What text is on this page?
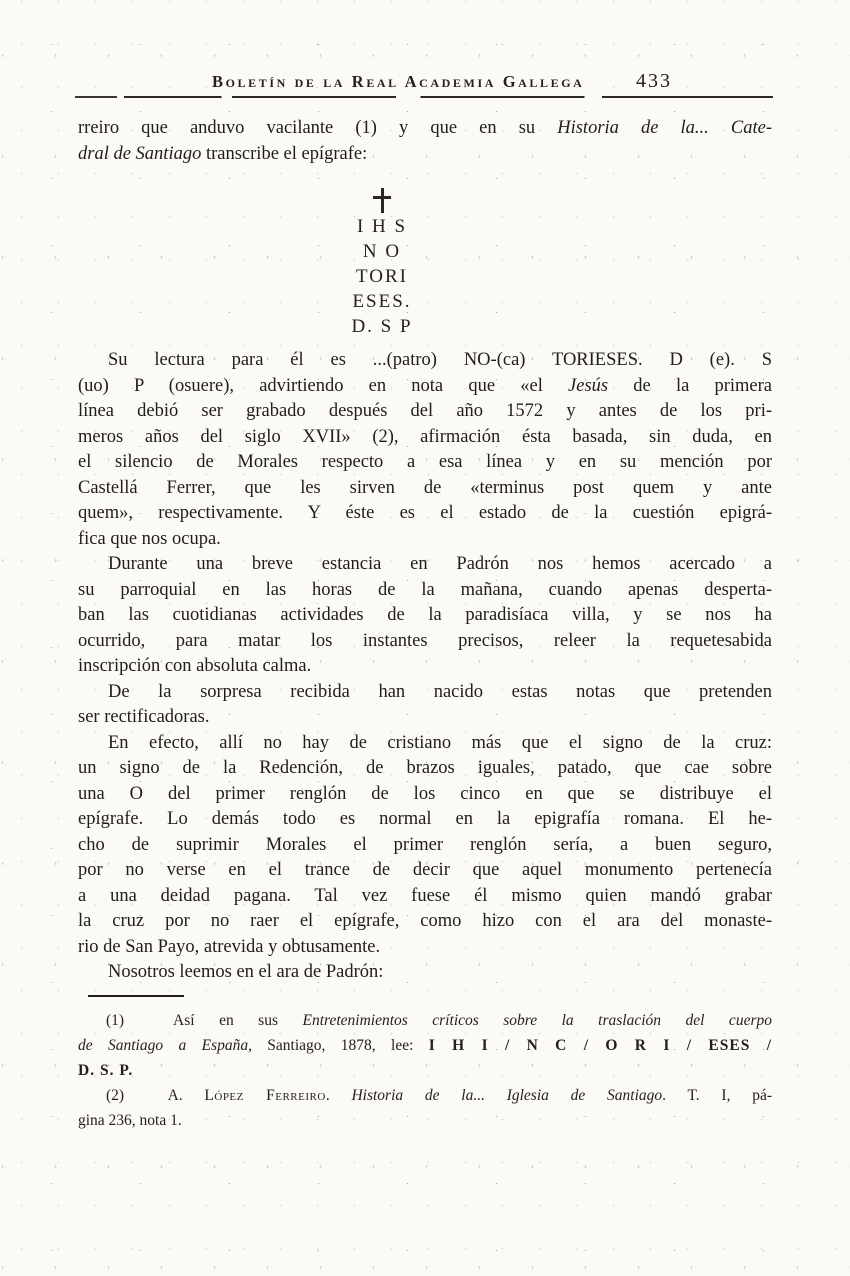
Boletín de la Real Academia Gallega	433
rreiro que anduvo vacilante (1) y que en su Historia de la... Cate-
dral de Santiago transcribe el epígrafe:
I H S
N O
TORI
ESES.
D. S P
Su lectura para él es ...(patro) NO-(ca) TORIESES. D (e). S
(uo) P (osuere), advirtiendo en nota que «el Jesús de la primera
línea debió ser grabado después del año 1572 y antes de los pri-
meros años del siglo XVII» (2), afirmación ésta basada, sin duda, en
el silencio de Morales respecto a esa línea y en su mención por
Castellá Ferrer, que les sirven de «terminus post quem y ante
quem», respectivamente. Y éste es el estado de la cuestión epigrá-
fica que nos ocupa.
Durante una breve estancia en Padrón nos hemos acercado a
su parroquial en las horas de la mañana, cuando apenas desperta-
ban las cuotidianas actividades de la paradisíaca villa, y se nos ha
ocurrido, para matar los instantes precisos, releer la requetesabida
inscripción con absoluta calma.
De la sorpresa recibida han nacido estas notas que pretenden
ser rectificadoras.
En efecto, allí no hay de cristiano más que el signo de la cruz:
un signo de la Redención, de brazos iguales, patado, que cae sobre
una O del primer renglón de los cinco en que se distribuye el
epígrafe. Lo demás todo es normal en la epigrafía romana. El he-
cho de suprimir Morales el primer renglón sería, a buen seguro,
por no verse en el trance de decir que aquel monumento pertenecía
a una deidad pagana. Tal vez fuese él mismo quien mandó grabar
la cruz por no raer el epígrafe, como hizo con el ara del monaste-
rio de San Payo, atrevida y obtusamente.
Nosotros leemos en el ara de Padrón:
(1)  Así en sus Entretenimientos críticos sobre la traslación del cuerpo
de Santiago a España, Santiago, 1878, lee: I H I / N C / O R I / ESES /
D. S. P.
(2)  A. López Ferreiro. Historia de la... Iglesia de Santiago. T. I, pá-
gina 236, nota 1.
